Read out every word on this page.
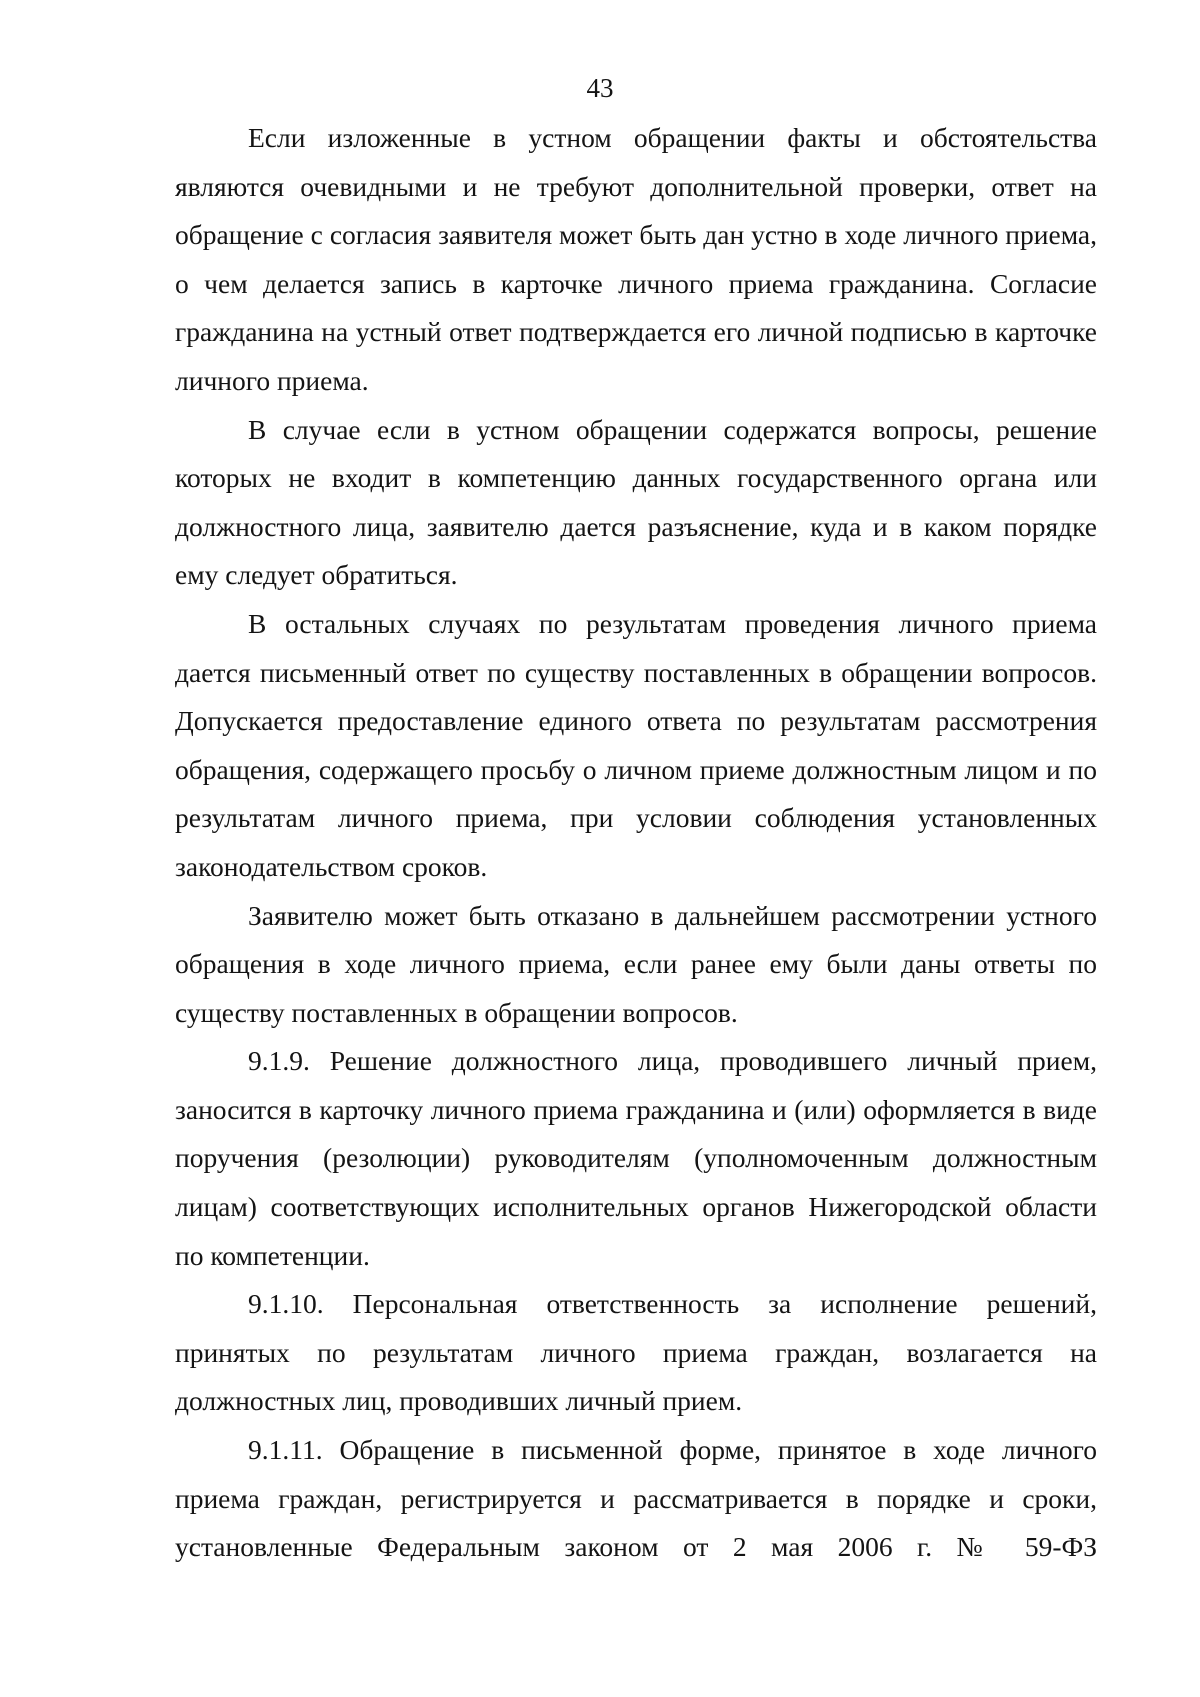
43

Если изложенные в устном обращении факты и обстоятельства являются очевидными и не требуют дополнительной проверки, ответ на обращение с согласия заявителя может быть дан устно в ходе личного приема, о чем делается запись в карточке личного приема гражданина. Согласие гражданина на устный ответ подтверждается его личной подписью в карточке личного приема.

В случае если в устном обращении содержатся вопросы, решение которых не входит в компетенцию данных государственного органа или должностного лица, заявителю дается разъяснение, куда и в каком порядке ему следует обратиться.

В остальных случаях по результатам проведения личного приема дается письменный ответ по существу поставленных в обращении вопросов. Допускается предоставление единого ответа по результатам рассмотрения обращения, содержащего просьбу о личном приеме должностным лицом и по результатам личного приема, при условии соблюдения установленных законодательством сроков.

Заявителю может быть отказано в дальнейшем рассмотрении устного обращения в ходе личного приема, если ранее ему были даны ответы по существу поставленных в обращении вопросов.

9.1.9. Решение должностного лица, проводившего личный прием, заносится в карточку личного приема гражданина и (или) оформляется в виде поручения (резолюции) руководителям (уполномоченным должностным лицам) соответствующих исполнительных органов Нижегородской области по компетенции.

9.1.10. Персональная ответственность за исполнение решений, принятых по результатам личного приема граждан, возлагается на должностных лиц, проводивших личный прием.

9.1.11. Обращение в письменной форме, принятое в ходе личного приема граждан, регистрируется и рассматривается в порядке и сроки, установленные Федеральным законом от 2 мая 2006 г. № 59-ФЗ
